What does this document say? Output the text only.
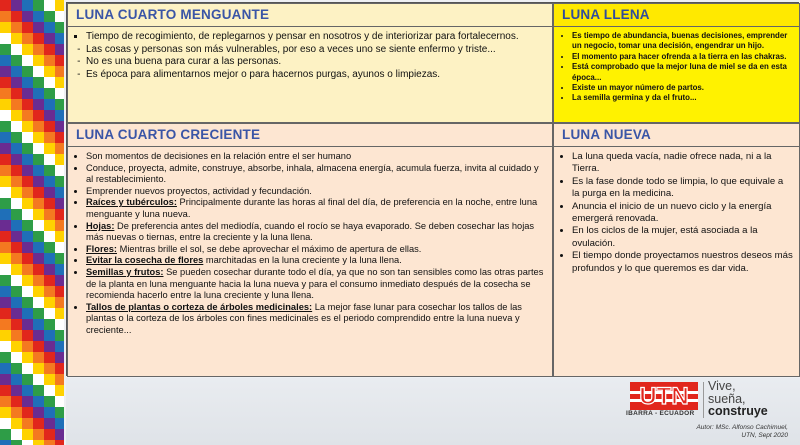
LUNA CUARTO MENGUANTE
▪ Tiempo de recogimiento, de replegarnos y pensar en nosotros y de interiorizar para fortalecernos.
- Las cosas y personas son más vulnerables, por eso a veces uno se siente enfermo y triste...
- No es una buena para curar a las personas.
- Es época para alimentarnos mejor o para hacernos purgas, ayunos o limpiezas.
LUNA LLENA
• Es tiempo de abundancia, buenas decisiones, emprender un negocio, tomar una decisión, engendrar un hijo.
• El momento para hacer ofrenda a la tierra en las chakras.
• Está comprobado que la mejor luna de miel se da en esta época...
• Existe un mayor número de partos.
• La semilla germina y da el fruto...
LUNA CUARTO CRECIENTE
• Son momentos de decisiones en la relación entre el ser humano
• Conduce, proyecta, admite, construye, absorbe, inhala, almacena energía, acumula fuerza, invita al cuidado y al restablecimiento.
• Emprender nuevos proyectos, actividad y fecundación.
• Raíces y tubérculos: Principalmente durante las horas al final del día, de preferencia en la noche, entre luna menguante y luna nueva.
• Hojas: De preferencia antes del mediodía, cuando el rocío se haya evaporado. Se deben cosechar las hojas más nuevas o tiernas, entre la creciente y la luna llena.
• Flores: Mientras brille el sol, se debe aprovechar el máximo de apertura de ellas.
• Evitar la cosecha de flores marchitadas en la luna creciente y la luna llena.
• Semillas y frutos: Se pueden cosechar durante todo el día, ya que no son tan sensibles como las otras partes de la planta en luna menguante hacia la luna nueva y para el consumo inmediato después de la cosecha se recomienda hacerlo entre la luna creciente y luna llena.
• Tallos de plantas o corteza de árboles medicinales: La mejor fase lunar para cosechar los tallos de las plantas o la corteza de los árboles con fines medicinales es el periodo comprendido entre la luna nueva y creciente...
LUNA NUEVA
• La luna queda vacía, nadie ofrece nada, ni a la Tierra.
• Es la fase donde todo se limpia, lo que equivale a la purga en la medicina.
• Anuncia el inicio de un nuevo ciclo y la energía emergerá renovada.
• En los ciclos de la mujer, está asociada a la ovulación.
• El tiempo donde proyectamos nuestros deseos más profundos y lo que queremos es dar vida.
UTN
IBARRA - ECUADOR
Vive,
sueña,
construye
Autor: MSc. Alfonso Cachimuel,
UTN, Sept 2020
